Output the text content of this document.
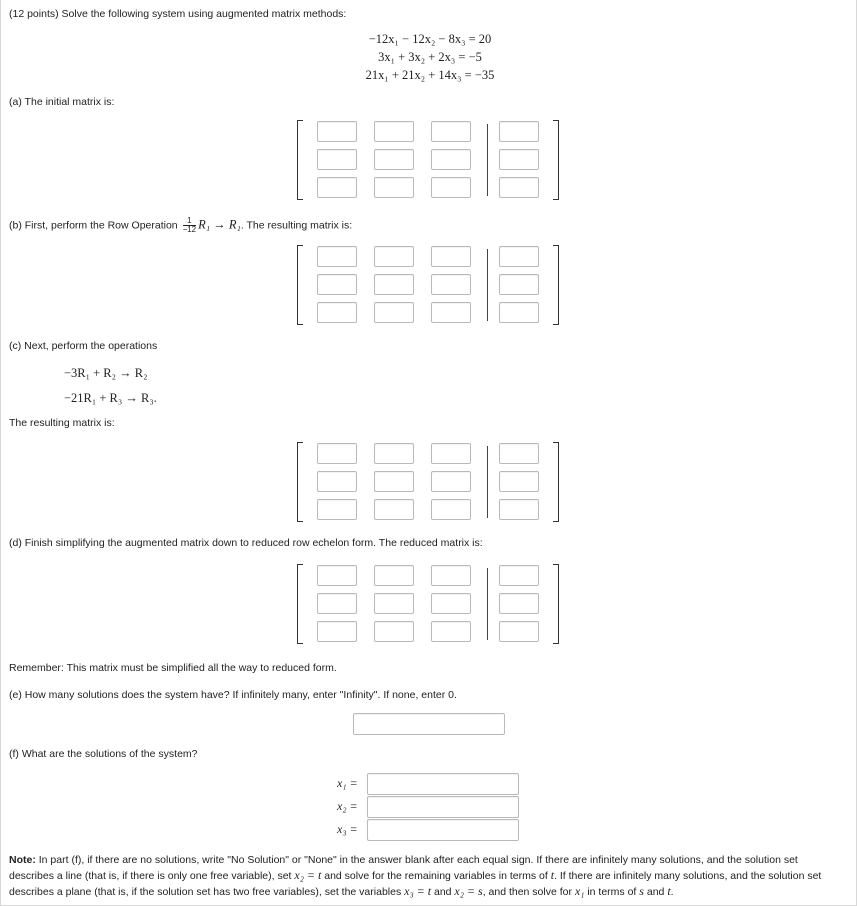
(12 points) Solve the following system using augmented matrix methods:
−12x₁ − 12x₂ − 8x₃ = 20
3x₁ + 3x₂ + 2x₃ = −5
21x₁ + 21x₂ + 14x₃ = −35
(a) The initial matrix is:
(b) First, perform the Row Operation $\frac{1}{-12} R_1 \to R_1$. The resulting matrix is:
(c) Next, perform the operations
−3R₁ + R₂ → R₂
−21R₁ + R₃ → R₃.
The resulting matrix is:
(d) Finish simplifying the augmented matrix down to reduced row echelon form. The reduced matrix is:
Remember: This matrix must be simplified all the way to reduced form.
(e) How many solutions does the system have? If infinitely many, enter "Infinity". If none, enter 0.
(f) What are the solutions of the system?
x₁ =
x₂ =
x₃ =
Note: In part (f), if there are no solutions, write "No Solution" or "None" in the answer blank after each equal sign. If there are infinitely many solutions, and the solution set describes a line (that is, if there is only one free variable), set x₂ = t and solve for the remaining variables in terms of t. If there are infinitely many solutions, and the solution set describes a plane (that is, if the solution set has two free variables), set the variables x₃ = t and x₂ = s, and then solve for x₁ in terms of s and t.
